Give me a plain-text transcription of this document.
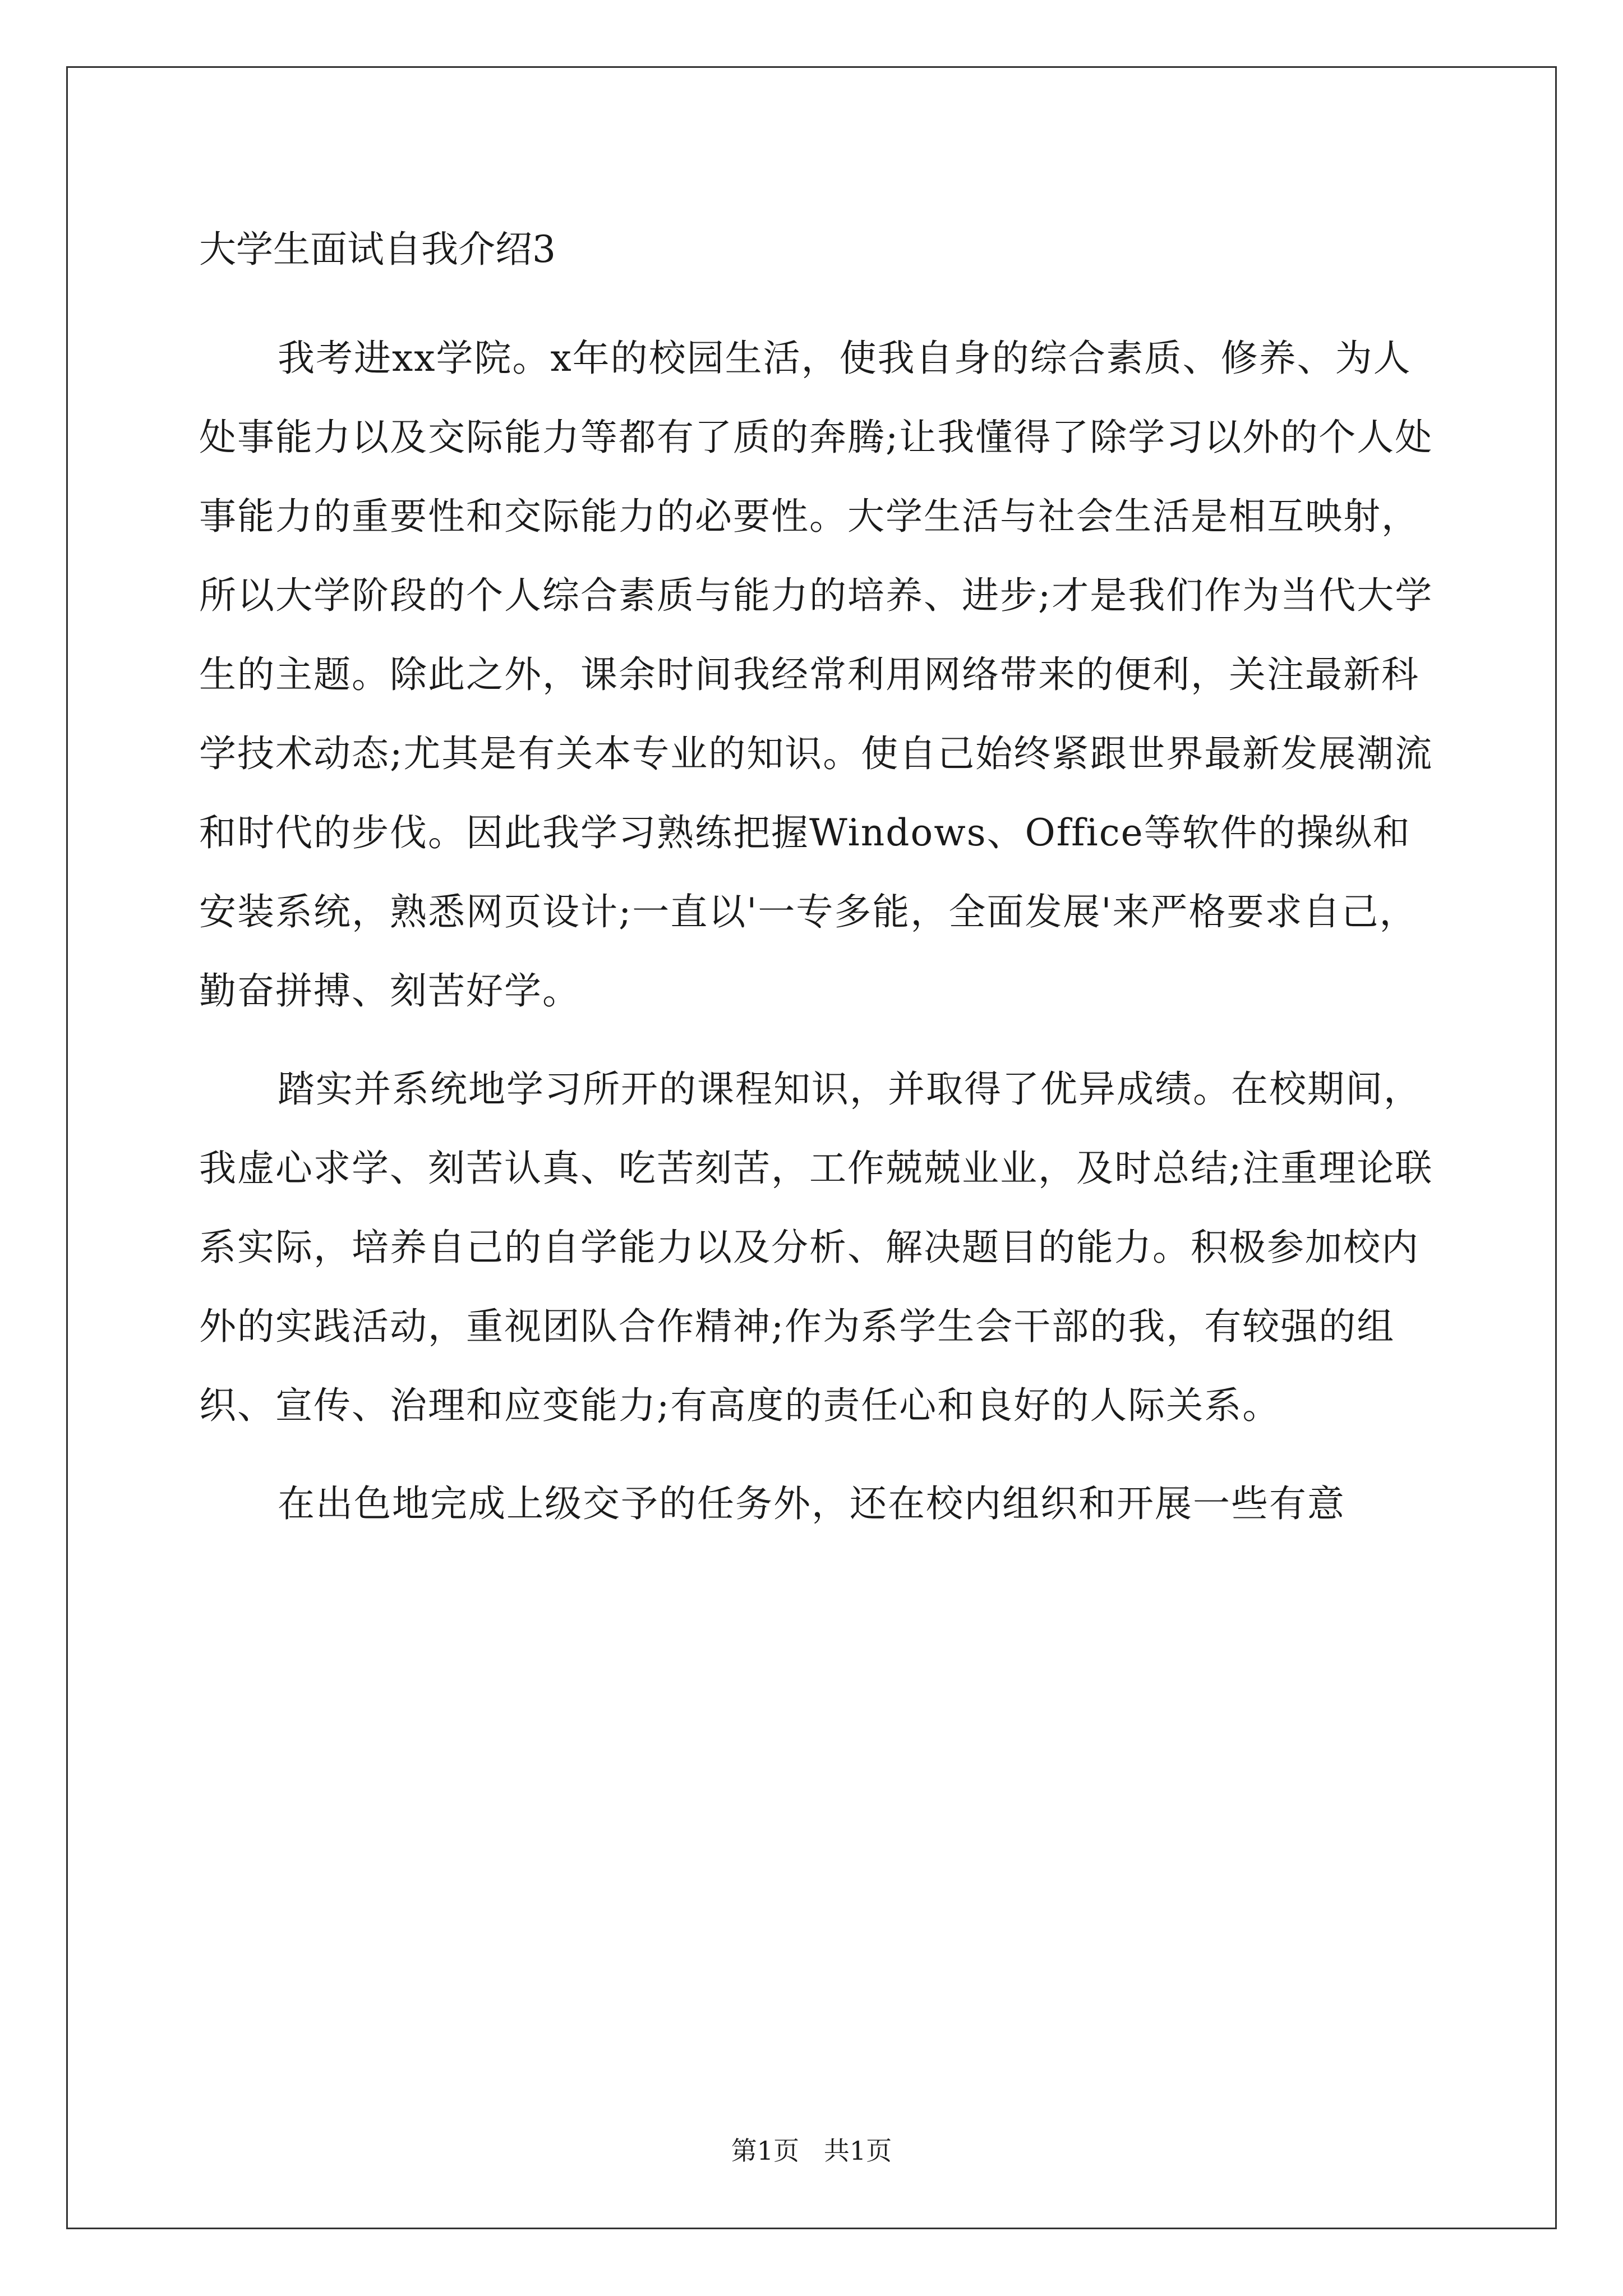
大学生面试自我介绍3

我考进xx学院。x年的校园生活，使我自身的综合素质、修养、为人处事能力以及交际能力等都有了质的奔腾;让我懂得了除学习以外的个人处事能力的重要性和交际能力的必要性。大学生活与社会生活是相互映射，所以大学阶段的个人综合素质与能力的培养、进步;才是我们作为当代大学生的主题。除此之外，课余时间我经常利用网络带来的便利，关注最新科学技术动态;尤其是有关本专业的知识。使自己始终紧跟世界最新发展潮流和时代的步伐。因此我学习熟练把握Windows、Office等软件的操纵和安装系统，熟悉网页设计;一直以'一专多能，全面发展'来严格要求自己，勤奋拼搏、刻苦好学。

踏实并系统地学习所开的课程知识，并取得了优异成绩。在校期间，我虚心求学、刻苦认真、吃苦刻苦，工作兢兢业业，及时总结;注重理论联系实际，培养自己的自学能力以及分析、解决题目的能力。积极参加校内外的实践活动，重视团队合作精神;作为系学生会干部的我，有较强的组织、宣传、治理和应变能力;有高度的责任心和良好的人际关系。

在出色地完成上级交予的任务外，还在校内组织和开展一些有意

第1页   共1页
